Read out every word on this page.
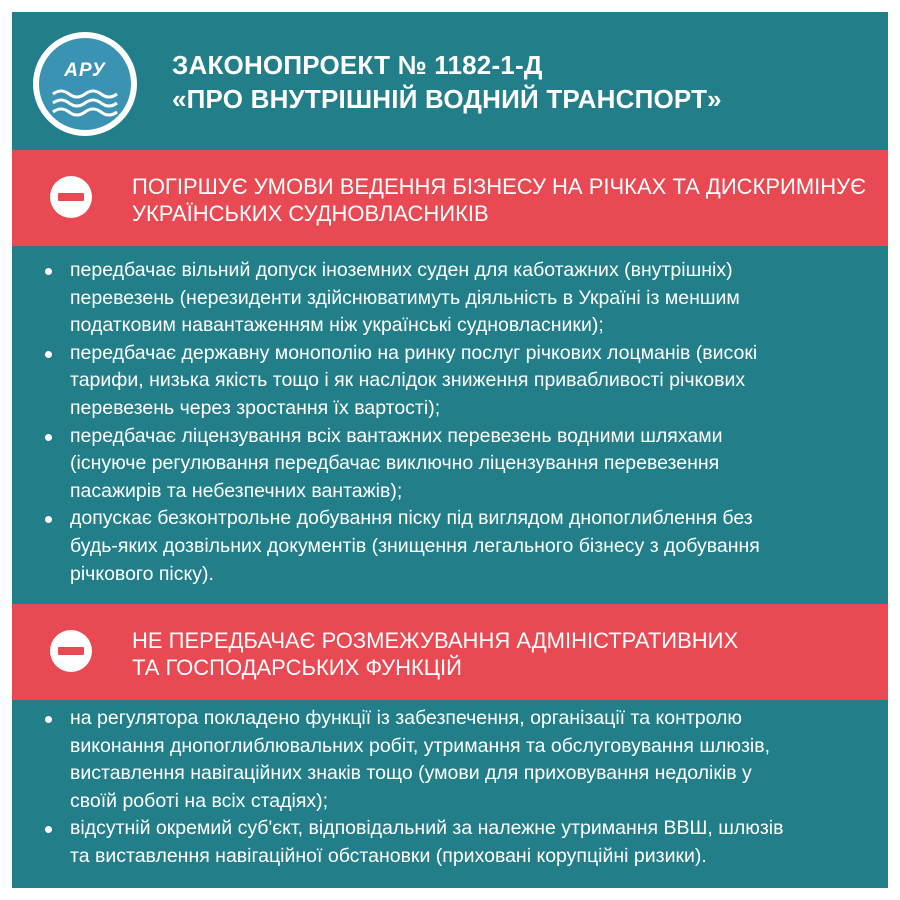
АРУ	ЗАКОНОПРОЕКТ № 1182-1-Д
«ПРО ВНУТРІШНІЙ ВОДНИЙ ТРАНСПОРТ»
ПОГІРШУЄ УМОВИ ВЕДЕННЯ БІЗНЕСУ НА РІЧКАХ ТА ДИСКРИМІНУЄ
УКРАЇНСЬКИХ СУДНОВЛАСНИКІВ
передбачає вільний допуск іноземних суден для каботажних (внутрішніх)
перевезень (нерезиденти здійснюватимуть діяльність в Україні із меншим
податковим навантаженням ніж українські судновласники);
передбачає державну монополію на ринку послуг річкових лоцманів (високі
тарифи, низька якість тощо і як наслідок зниження привабливості річкових
перевезень через зростання їх вартості);
передбачає ліцензування всіх вантажних перевезень водними шляхами
(існуюче регулювання передбачає виключно ліцензування перевезення
пасажирів та небезпечних вантажів);
допускає безконтрольне добування піску під виглядом днопоглиблення без
будь-яких дозвільних документів (знищення легального бізнесу з добування
річкового піску).
НЕ ПЕРЕДБАЧАЄ РОЗМЕЖУВАННЯ АДМІНІСТРАТИВНИХ
ТА ГОСПОДАРСЬКИХ ФУНКЦІЙ
на регулятора покладено функції із забезпечення, організації та контролю
виконання днопоглиблювальних робіт, утримання та обслуговування шлюзів,
виставлення навігаційних знаків тощо (умови для приховування недоліків у
своїй роботі на всіх стадіях);
відсутній окремий суб'єкт, відповідальний за належне утримання ВВШ, шлюзів
та виставлення навігаційної обстановки (приховані корупційні ризики).
